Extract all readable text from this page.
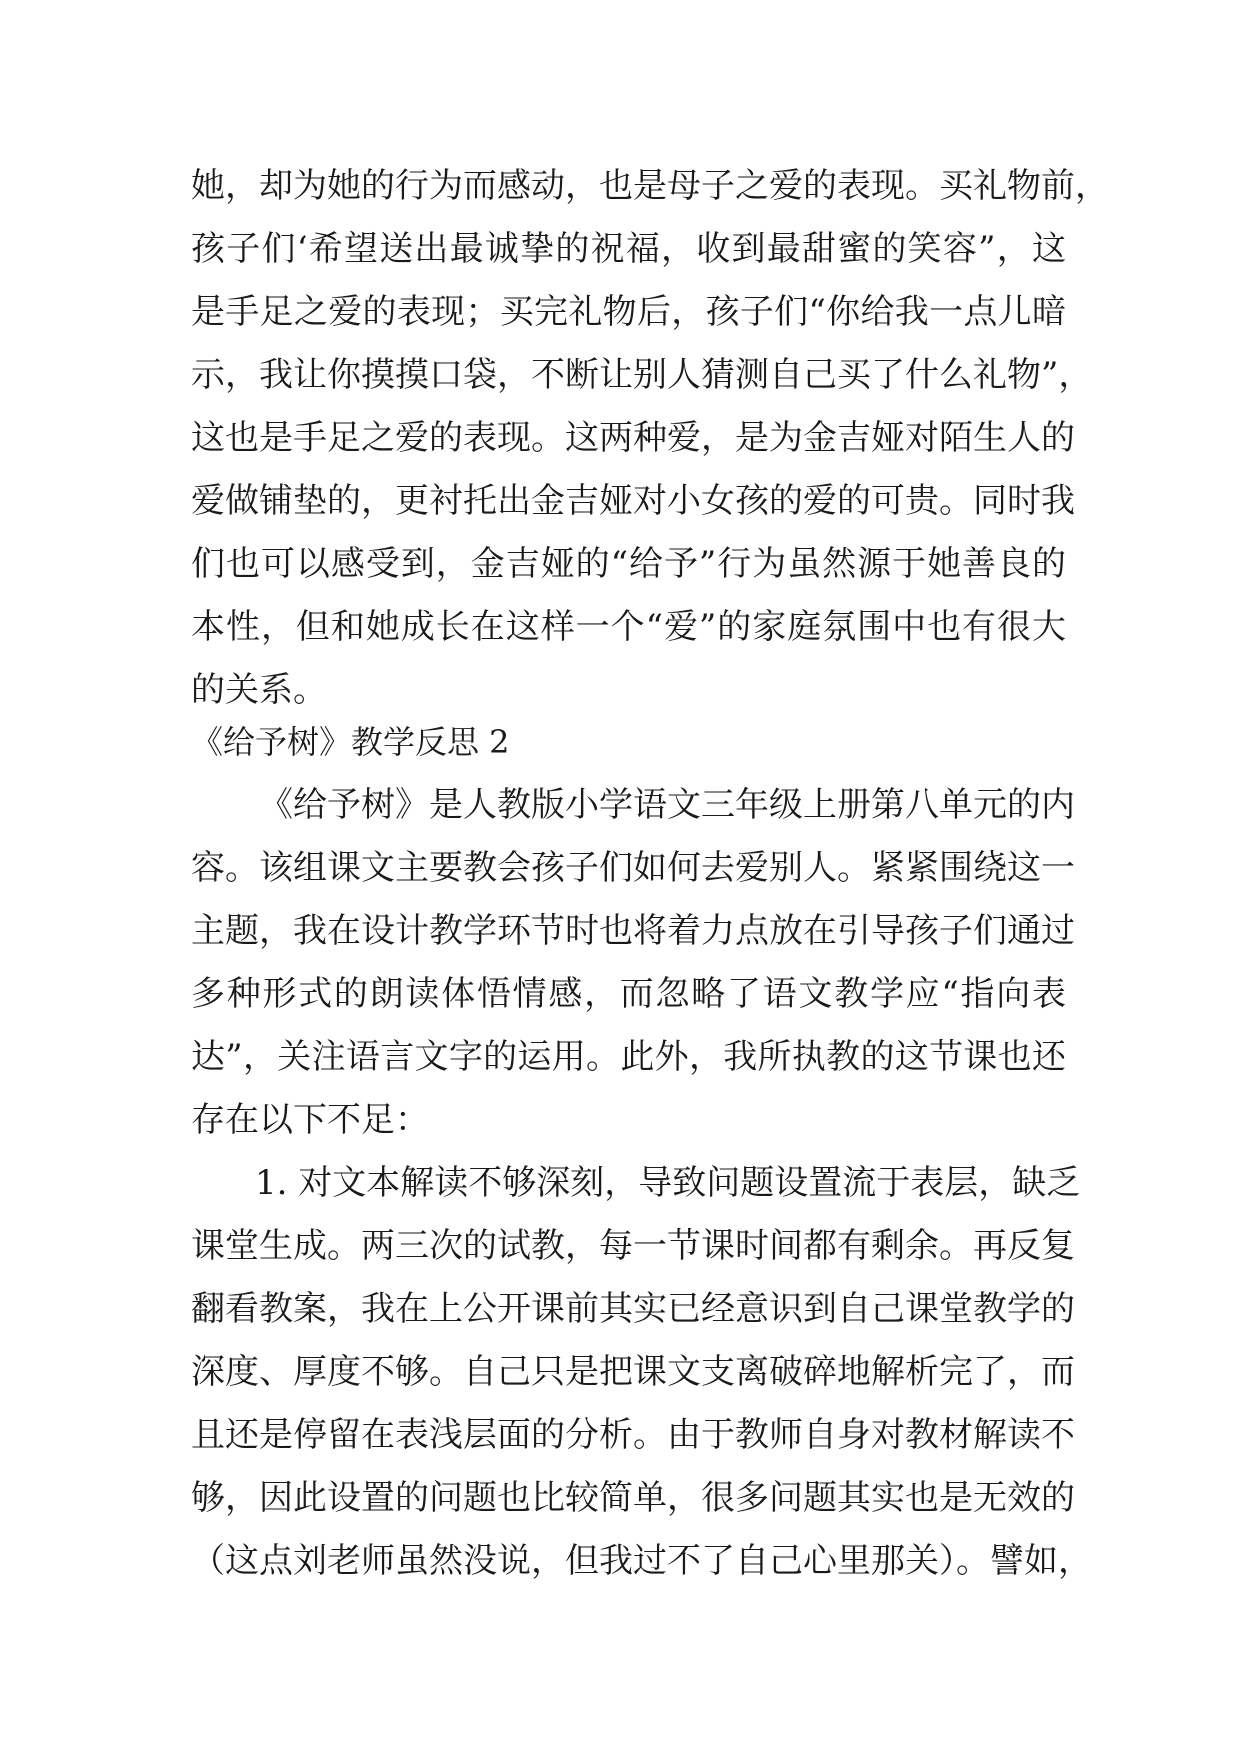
她，却为她的行为而感动，也是母子之爱的表现。买礼物前，
孩子们‘希望送出最诚挚的祝福，收到最甜蜜的笑容”，这
是手足之爱的表现；买完礼物后，孩子们“你给我一点儿暗
示，我让你摸摸口袋，不断让别人猜测自己买了什么礼物”，
这也是手足之爱的表现。这两种爱，是为金吉娅对陌生人的
爱做铺垫的，更衬托出金吉娅对小女孩的爱的可贵。同时我
们也可以感受到，金吉娅的“给予”行为虽然源于她善良的
本性，但和她成长在这样一个“爱”的家庭氛围中也有很大
的关系。
《给予树》教学反思 2
《给予树》是人教版小学语文三年级上册第八单元的内
容。该组课文主要教会孩子们如何去爱别人。紧紧围绕这一
主题，我在设计教学环节时也将着力点放在引导孩子们通过
多种形式的朗读体悟情感，而忽略了语文教学应“指向表
达”，关注语言文字的运用。此外，我所执教的这节课也还
存在以下不足：
1. 对文本解读不够深刻，导致问题设置流于表层，缺乏
课堂生成。两三次的试教，每一节课时间都有剩余。再反复
翻看教案，我在上公开课前其实已经意识到自己课堂教学的
深度、厚度不够。自己只是把课文支离破碎地解析完了，而
且还是停留在表浅层面的分析。由于教师自身对教材解读不
够，因此设置的问题也比较简单，很多问题其实也是无效的
（这点刘老师虽然没说，但我过不了自己心里那关）。譬如，
